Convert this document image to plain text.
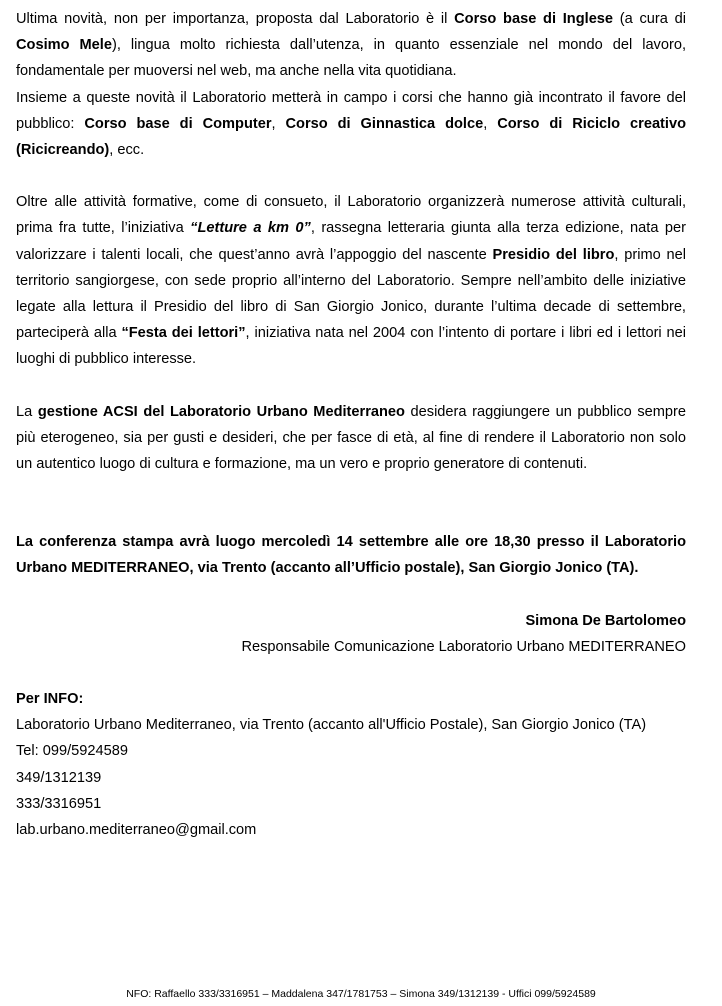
Ultima novità, non per importanza, proposta dal Laboratorio è il Corso base di Inglese (a cura di Cosimo Mele), lingua molto richiesta dall’utenza, in quanto essenziale nel mondo del lavoro, fondamentale per muoversi nel web, ma anche nella vita quotidiana.

Insieme a queste novità il Laboratorio metterà in campo i corsi che hanno già incontrato il favore del pubblico: Corso base di Computer, Corso di Ginnastica dolce, Corso di Riciclo creativo (Ricicreando), ecc.

Oltre alle attività formative, come di consueto, il Laboratorio organizzerà numerose attività culturali, prima fra tutte, l’iniziativa “Letture a km 0”, rassegna letteraria giunta alla terza edizione, nata per valorizzare i talenti locali, che quest’anno avrà l’appoggio del nascente Presidio del libro, primo nel territorio sangiorgese, con sede proprio all’interno del Laboratorio. Sempre nell’ambito delle iniziative legate alla lettura il Presidio del libro di San Giorgio Jonico, durante l’ultima decade di settembre, parteciperà alla “Festa dei lettori”, iniziativa nata nel 2004 con l’intento di portare i libri ed i lettori nei luoghi di pubblico interesse.

La gestione ACSI del Laboratorio Urbano Mediterraneo desidera raggiungere un pubblico sempre più eterogeneo, sia per gusti e desideri, che per fasce di età, al fine di rendere il Laboratorio non solo un autentico luogo di cultura e formazione, ma un vero e proprio generatore di contenuti.

La conferenza stampa avrà luogo mercoledì 14 settembre alle ore 18,30 presso il Laboratorio Urbano MEDITERRANEO, via Trento (accanto all’Ufficio postale), San Giorgio Jonico (TA).

Simona De Bartolomeo

Responsabile Comunicazione Laboratorio Urbano MEDITERRANEO

Per INFO:

Laboratorio Urbano Mediterraneo, via Trento (accanto all'Ufficio Postale), San Giorgio Jonico (TA)

Tel: 099/5924589

349/1312139

333/3316951

lab.urbano.mediterraneo@gmail.com

NFO: Raffaello 333/3316951 – Maddalena 347/1781753 – Simona 349/1312139 - Uffici 099/5924589
